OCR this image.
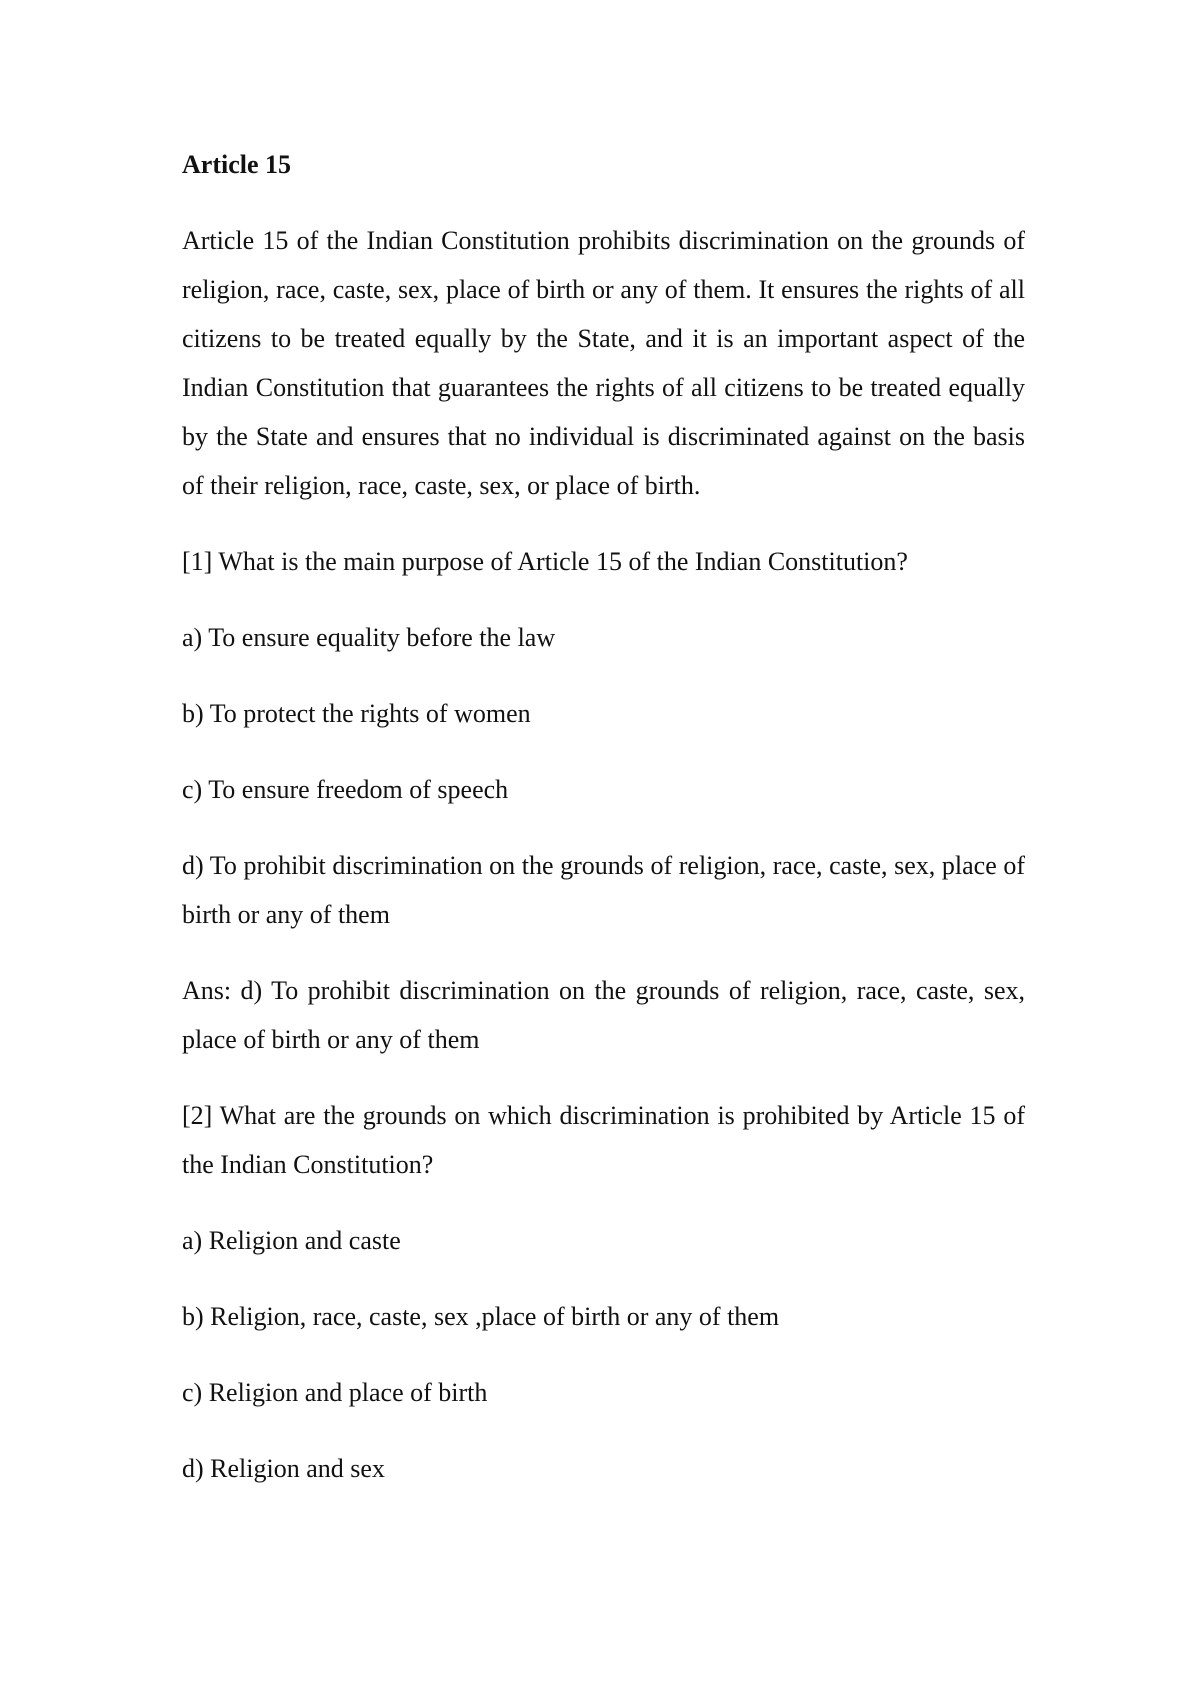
Article 15

Article 15 of the Indian Constitution prohibits discrimination on the grounds of religion, race, caste, sex, place of birth or any of them. It ensures the rights of all citizens to be treated equally by the State, and it is an important aspect of the Indian Constitution that guarantees the rights of all citizens to be treated equally by the State and ensures that no individual is discriminated against on the basis of their religion, race, caste, sex, or place of birth.

[1] What is the main purpose of Article 15 of the Indian Constitution?

a) To ensure equality before the law

b) To protect the rights of women

c) To ensure freedom of speech

d) To prohibit discrimination on the grounds of religion, race, caste, sex, place of birth or any of them

Ans: d) To prohibit discrimination on the grounds of religion, race, caste, sex, place of birth or any of them

[2] What are the grounds on which discrimination is prohibited by Article 15 of the Indian Constitution?

a) Religion and caste

b) Religion, race, caste, sex ,place of birth or any of them

c) Religion and place of birth

d) Religion and sex
